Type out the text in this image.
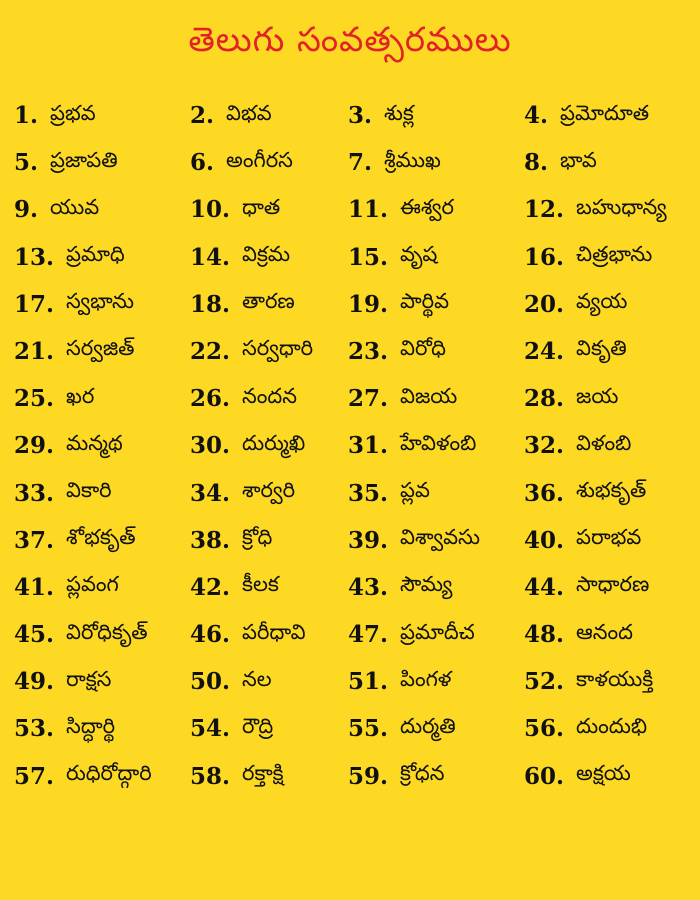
తెలుగు సంవత్సరములు
1. ప్రభవ	2. విభవ	3. శుక్ల	4. ప్రమోదూత
5. ప్రజాపతి	6. అంగీరస 7. శ్రీముఖ	8. భావ
9. యువ	10. ధాత	11. ఈశ్వర	12. బహుధాన్య
13. ప్రమాధి	14. విక్రమ	15. వృష	16. చిత్రభాను
17. స్వభాను 18. తారణ 19. పార్థివ	20. వ్యయ
21. సర్వజిత్ 22. సర్వధారి 23. విరోధి	24. వికృతి
25. ఖర	26. నందన 27. విజయ	28. జయ
29. మన్మథ	30. దుర్ముఖి 31. హేవిళంబి 32. విళంబి
33. వికారి	34. శార్వరి 35. ప్లవ	36. శుభకృత్
37. శోభకృత్ 38. క్రోధి	39. విశ్వావసు 40. పరాభవ
41. ప్లవంగ	42. కీలక	43. సౌమ్య	44. సాధారణ
45. విరోధికృత్ 46. పరీధావి 47. ప్రమాదీచ 48. ఆనంద
49. రాక్షస	50. నల	51. పింగళ	52. కాళయుక్తి
53. సిద్ధార్థి	54. రౌద్రి	55. దుర్మతి	56. దుందుభి
57. రుధిరోద్గారి 58. రక్తాక్షి	59. క్రోధన	60. అక్షయ
